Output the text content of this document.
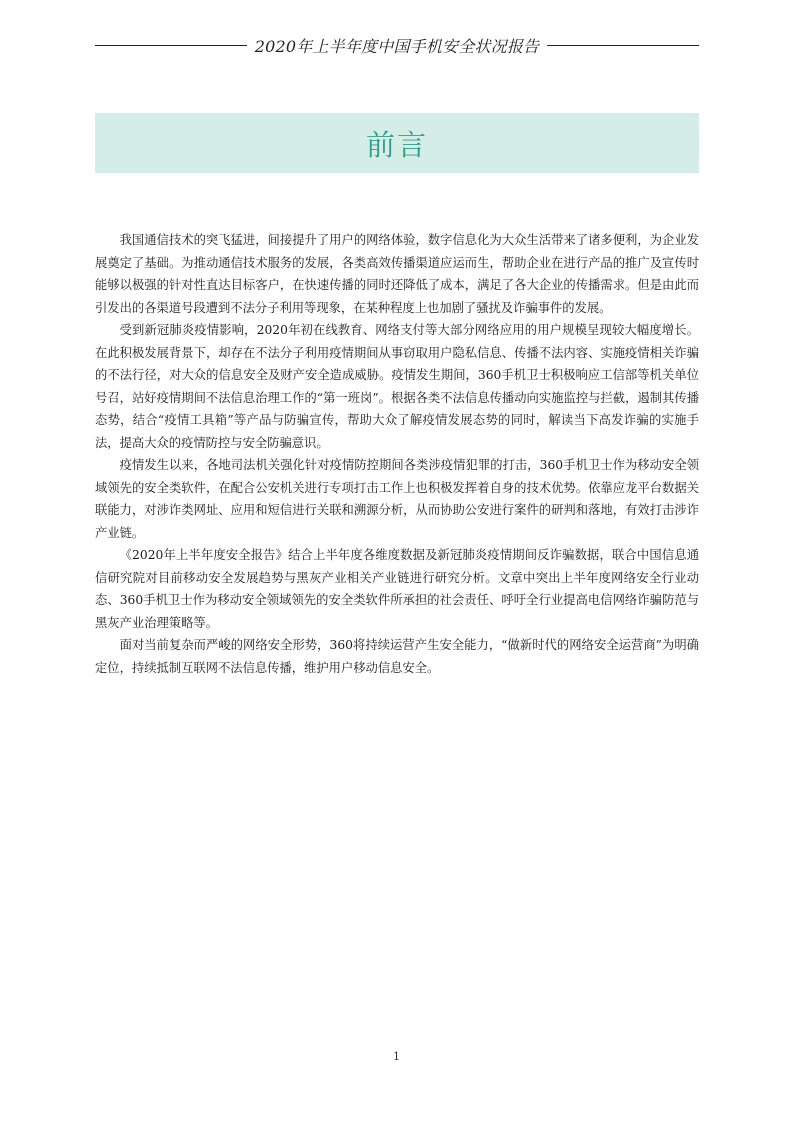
2020年上半年度中国手机安全状况报告
前言

我国通信技术的突飞猛进，间接提升了用户的网络体验，数字信息化为大众生活带来了诸多便利，为企业发展奠定了基础。为推动通信技术服务的发展，各类高效传播渠道应运而生，帮助企业在进行产品的推广及宣传时能够以极强的针对性直达目标客户，在快速传播的同时还降低了成本，满足了各大企业的传播需求。但是由此而引发出的各渠道号段遭到不法分子利用等现象，在某种程度上也加剧了骚扰及诈骗事件的发展。

受到新冠肺炎疫情影响，2020年初在线教育、网络支付等大部分网络应用的用户规模呈现较大幅度增长。在此积极发展背景下，却存在不法分子利用疫情期间从事窃取用户隐私信息、传播不法内容、实施疫情相关诈骗的不法行径，对大众的信息安全及财产安全造成威胁。疫情发生期间，360手机卫士积极响应工信部等机关单位号召，站好疫情期间不法信息治理工作的“第一班岗”。根据各类不法信息传播动向实施监控与拦截，遏制其传播态势，结合“疫情工具箱”等产品与防骗宣传，帮助大众了解疫情发展态势的同时，解读当下高发诈骗的实施手法，提高大众的疫情防控与安全防骗意识。

疫情发生以来，各地司法机关强化针对疫情防控期间各类涉疫情犯罪的打击，360手机卫士作为移动安全领域领先的安全类软件，在配合公安机关进行专项打击工作上也积极发挥着自身的技术优势。依靠应龙平台数据关联能力，对涉诈类网址、应用和短信进行关联和溯源分析，从而协助公安进行案件的研判和落地，有效打击涉诈产业链。

《2020年上半年度安全报告》结合上半年度各维度数据及新冠肺炎疫情期间反诈骗数据，联合中国信息通信研究院对目前移动安全发展趋势与黑灰产业相关产业链进行研究分析。文章中突出上半年度网络安全行业动态、360手机卫士作为移动安全领域领先的安全类软件所承担的社会责任、呼吁全行业提高电信网络诈骗防范与黑灰产业治理策略等。

面对当前复杂而严峻的网络安全形势，360将持续运营产生安全能力，“做新时代的网络安全运营商”为明确定位，持续抵制互联网不法信息传播，维护用户移动信息安全。

1
